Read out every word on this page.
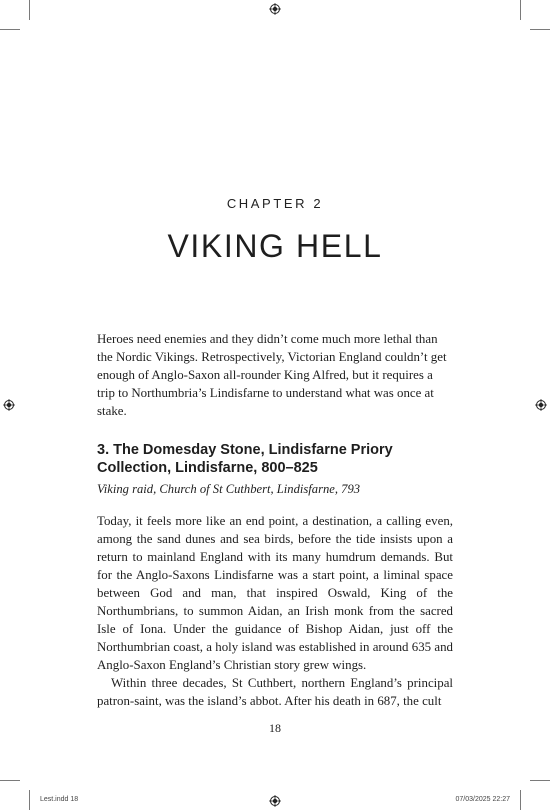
CHAPTER 2
VIKING HELL

Heroes need enemies and they didn’t come much more lethal than the Nordic Vikings. Retrospectively, Victorian England couldn’t get enough of Anglo-Saxon all-rounder King Alfred, but it requires a trip to Northumbria’s Lindisfarne to understand what was once at stake.

3. The Domesday Stone, Lindisfarne Priory Collection, Lindisfarne, 800–825
Viking raid, Church of St Cuthbert, Lindisfarne, 793

Today, it feels more like an end point, a destination, a calling even, among the sand dunes and sea birds, before the tide insists upon a return to mainland England with its many humdrum demands. But for the Anglo-Saxons Lindisfarne was a start point, a liminal space between God and man, that inspired Oswald, King of the Northumbrians, to summon Aidan, an Irish monk from the sacred Isle of Iona. Under the guidance of Bishop Aidan, just off the Northumbrian coast, a holy island was established in around 635 and Anglo-Saxon England’s Christian story grew wings.

Within three decades, St Cuthbert, northern England’s principal patron-saint, was the island’s abbot. After his death in 687, the cult

18
Lest.indd 18	07/03/2025 22:27
